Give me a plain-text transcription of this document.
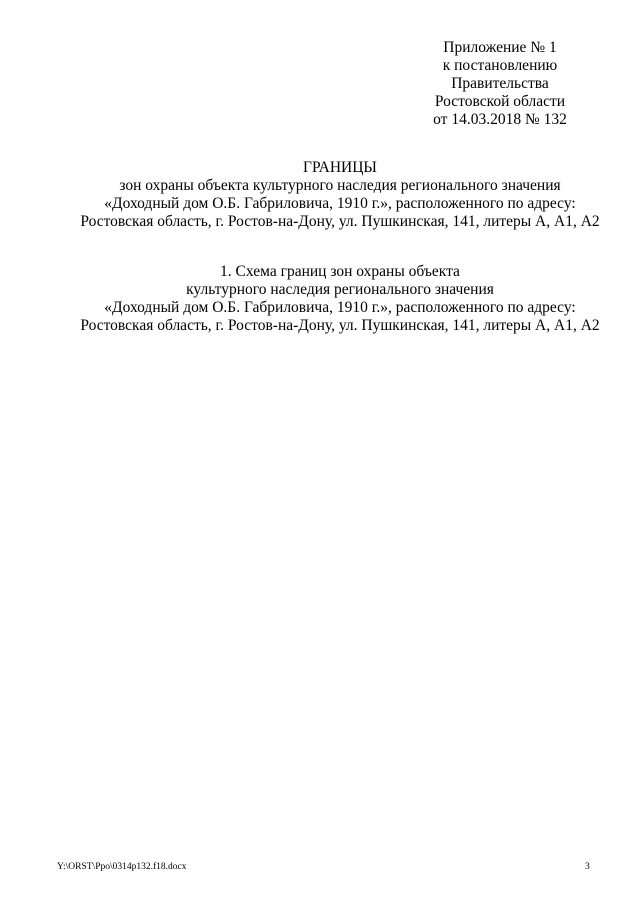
Приложение № 1
к постановлению
Правительства
Ростовской области
от 14.03.2018 № 132
ГРАНИЦЫ
зон охраны объекта культурного наследия регионального значения
«Доходный дом О.Б. Габриловича, 1910 г.», расположенного по адресу:
Ростовская область, г. Ростов-на-Дону, ул. Пушкинская, 141, литеры А, А1, А2
1. Схема границ зон охраны объекта
культурного наследия регионального значения
«Доходный дом О.Б. Габриловича, 1910 г.», расположенного по адресу:
Ростовская область, г. Ростов-на-Дону, ул. Пушкинская, 141, литеры А, А1, А2
Y:\ORST\Ppo\0314p132.f18.docx	3
